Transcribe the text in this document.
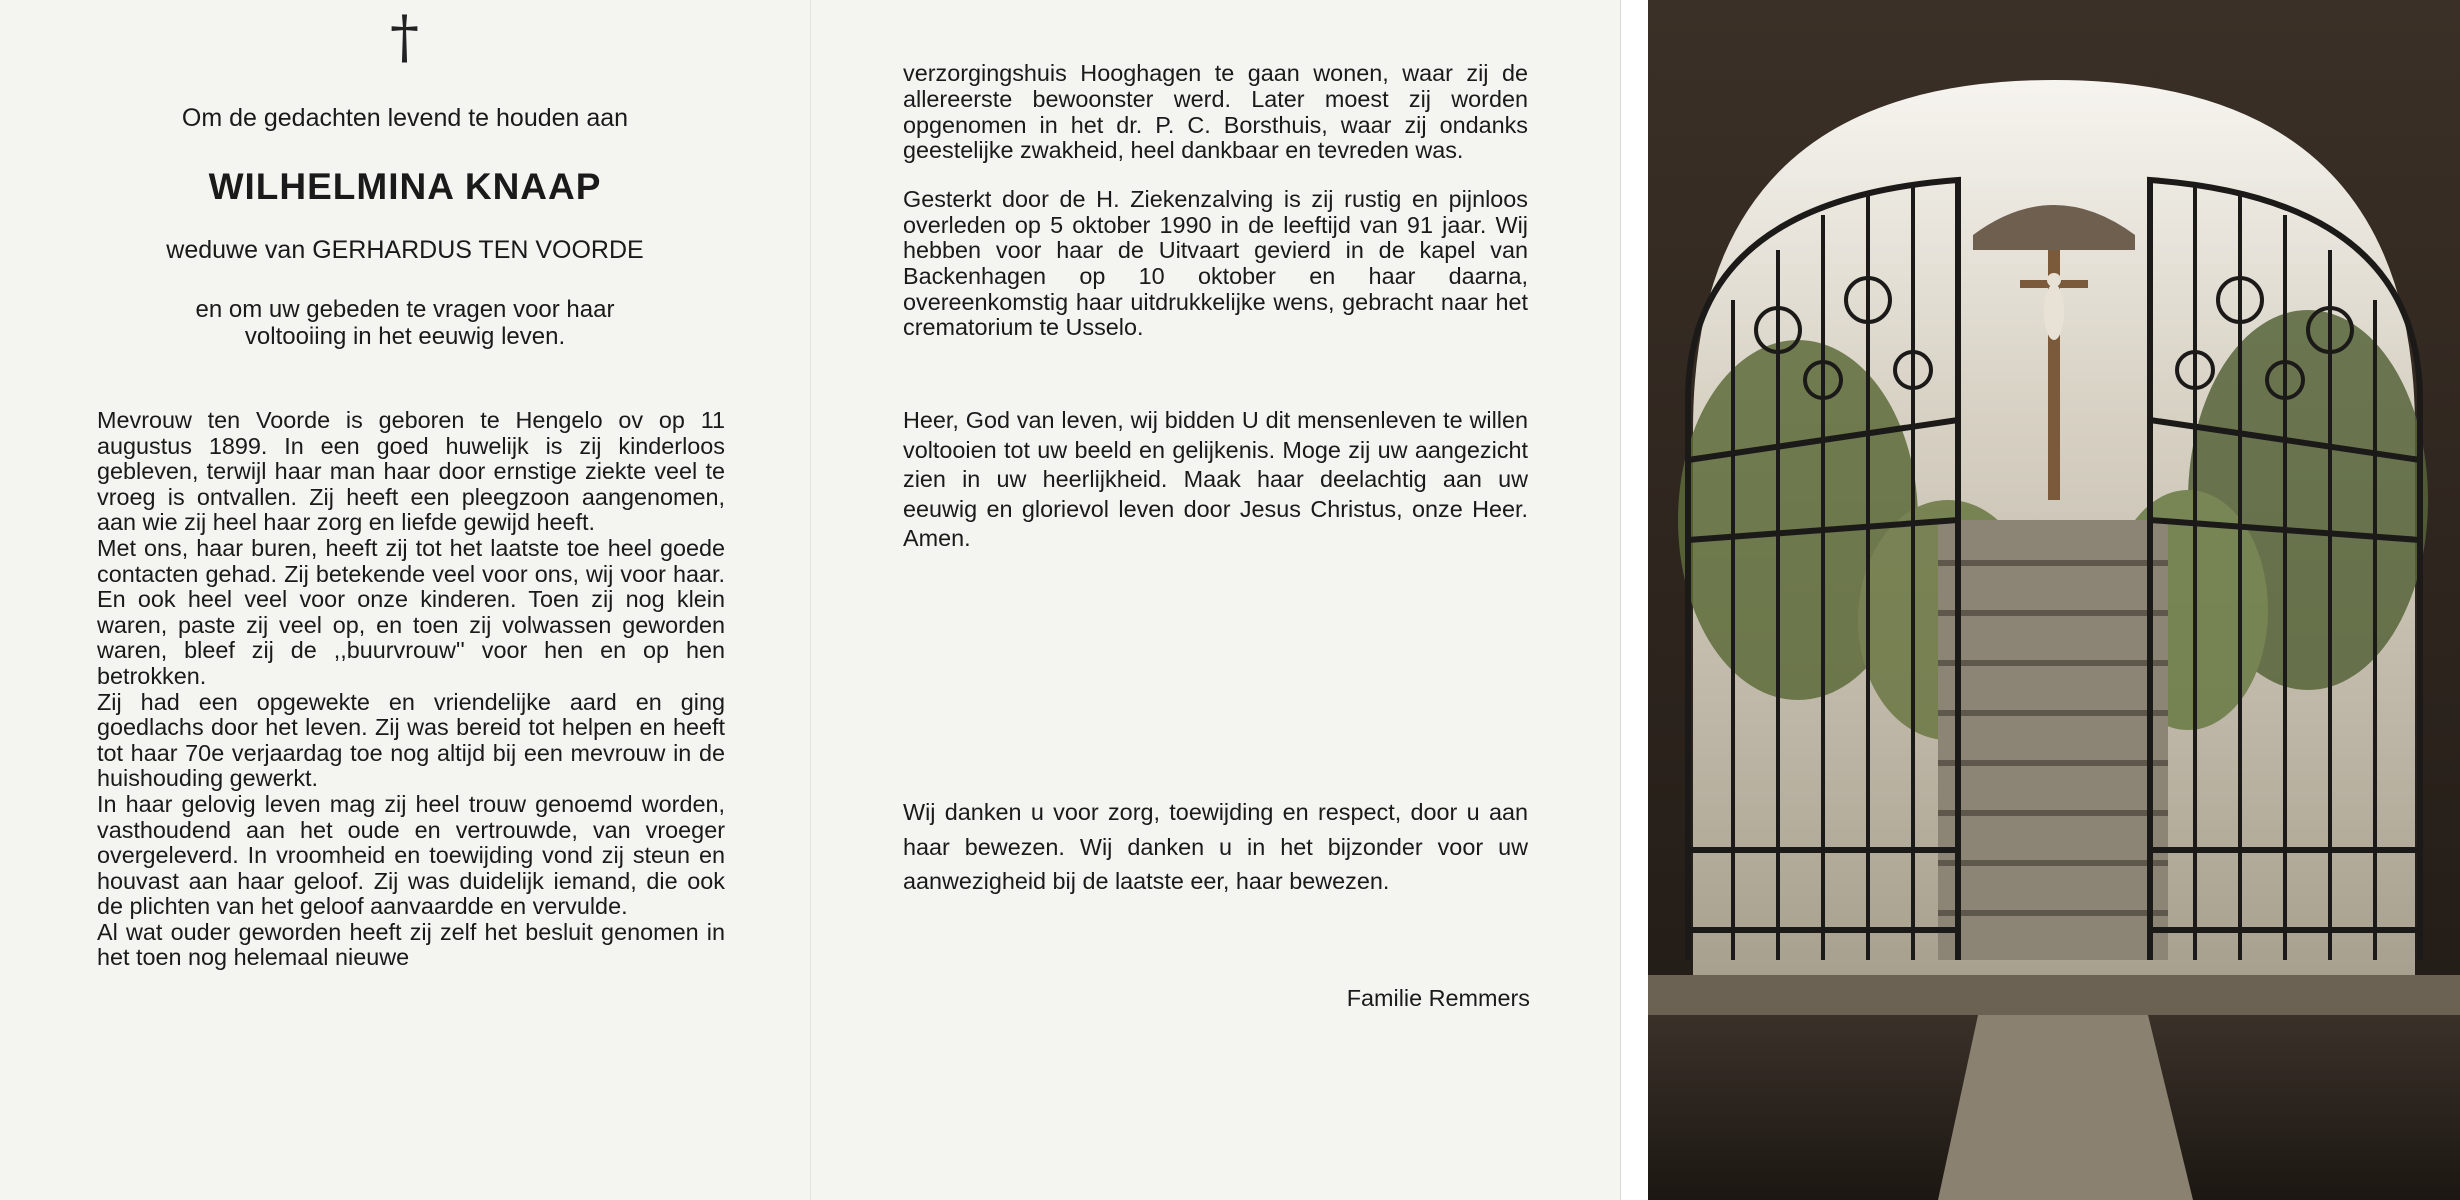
†
Om de gedachten levend te houden aan
WILHELMINA KNAAP
weduwe van GERHARDUS TEN VOORDE
en om uw gebeden te vragen voor haar
voltooiing in het eeuwig leven.

Mevrouw ten Voorde is geboren te Hengelo ov op 11 augustus 1899. In een goed huwelijk is zij kinderloos gebleven, terwijl haar man haar door ernstige ziekte veel te vroeg is ontvallen. Zij heeft een pleegzoon aangenomen, aan wie zij heel haar zorg en liefde gewijd heeft.

Met ons, haar buren, heeft zij tot het laatste toe heel goede contacten gehad. Zij betekende veel voor ons, wij voor haar. En ook heel veel voor onze kinderen. Toen zij nog klein waren, paste zij veel op, en toen zij volwassen geworden waren, bleef zij de ,,buurvrouw'' voor hen en op hen betrokken.

Zij had een opgewekte en vriendelijke aard en ging goedlachs door het leven. Zij was bereid tot helpen en heeft tot haar 70e verjaardag toe nog altijd bij een mevrouw in de huishouding gewerkt.

In haar gelovig leven mag zij heel trouw genoemd worden, vasthoudend aan het oude en vertrouwde, van vroeger overgeleverd. In vroomheid en toewijding vond zij steun en houvast aan haar geloof. Zij was duidelijk iemand, die ook de plichten van het geloof aanvaardde en vervulde.

Al wat ouder geworden heeft zij zelf het besluit genomen in het toen nog helemaal nieuwe

verzorgingshuis Hooghagen te gaan wonen, waar zij de allereerste bewoonster werd. Later moest zij worden opgenomen in het dr. P. C. Borsthuis, waar zij ondanks geestelijke zwakheid, heel dankbaar en tevreden was.

Gesterkt door de H. Ziekenzalving is zij rustig en pijnloos overleden op 5 oktober 1990 in de leeftijd van 91 jaar. Wij hebben voor haar de Uitvaart gevierd in de kapel van Backenhagen op 10 oktober en haar daarna, overeenkomstig haar uitdrukkelijke wens, gebracht naar het crematorium te Usselo.

Heer, God van leven, wij bidden U dit mensenleven te willen voltooien tot uw beeld en gelijkenis. Moge zij uw aangezicht zien in uw heerlijkheid. Maak haar deelachtig aan uw eeuwig en glorievol leven door Jesus Christus, onze Heer. Amen.
Wij danken u voor zorg, toewijding en respect, door u aan haar bewezen. Wij danken u in het bijzonder voor uw aanwezigheid bij de laatste eer, haar bewezen.
Familie Remmers
